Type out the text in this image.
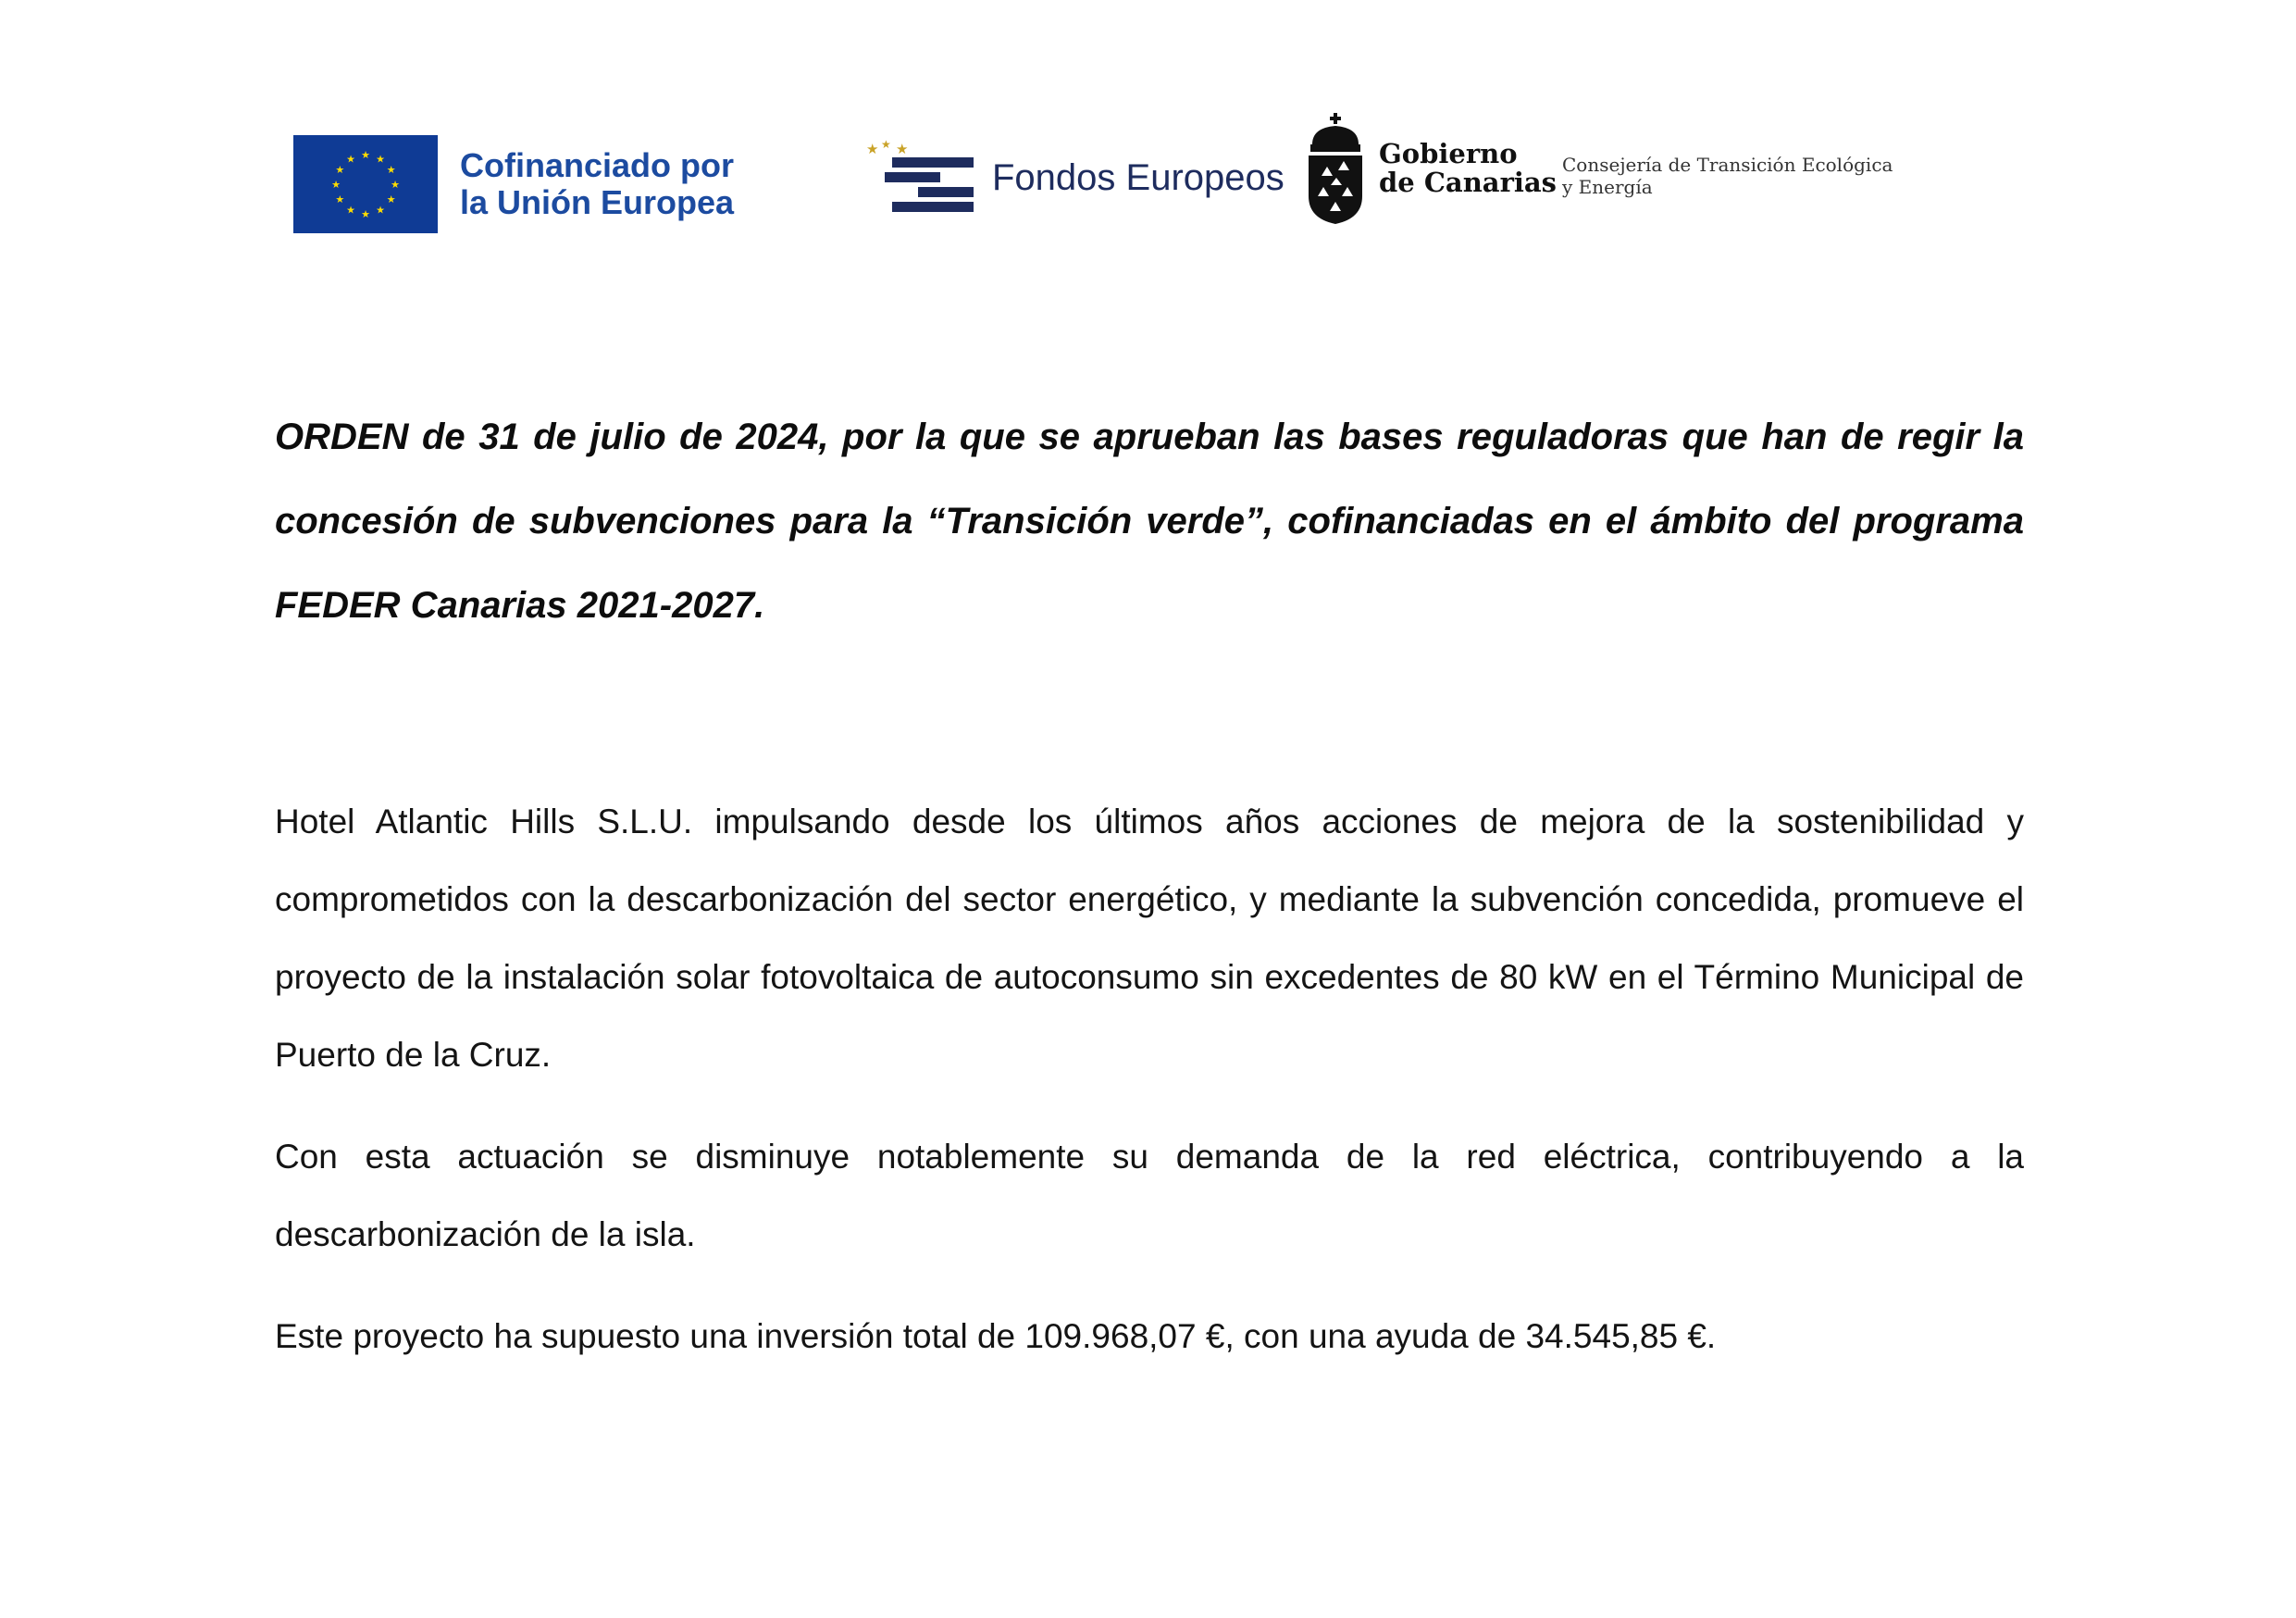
★ ★
★
★
★
★
★
★
★
★
★
★	Cofinanciado por
la Unión Europea
★ ★ ★
Fondos Europeos
Gobierno
de Canarias
Consejería de Transición Ecológica
y Energía

ORDEN de 31 de julio de 2024, por la que se aprueban las bases reguladoras que han de regir la concesión de subvenciones para la “Transición verde”, cofinanciadas en el ámbito del programa FEDER Canarias 2021-2027.

Hotel Atlantic Hills S.L.U. impulsando desde los últimos años acciones de mejora de la sostenibilidad y comprometidos con la descarbonización del sector energético, y mediante la subvención concedida, promueve el proyecto de la instalación solar fotovoltaica de autoconsumo sin excedentes de 80 kW en el Término Municipal de Puerto de la Cruz.

Con esta actuación se disminuye notablemente su demanda de la red eléctrica, contribuyendo a la descarbonización de la isla.

Este proyecto ha supuesto una inversión total de 109.968,07 €, con una ayuda de 34.545,85 €.
